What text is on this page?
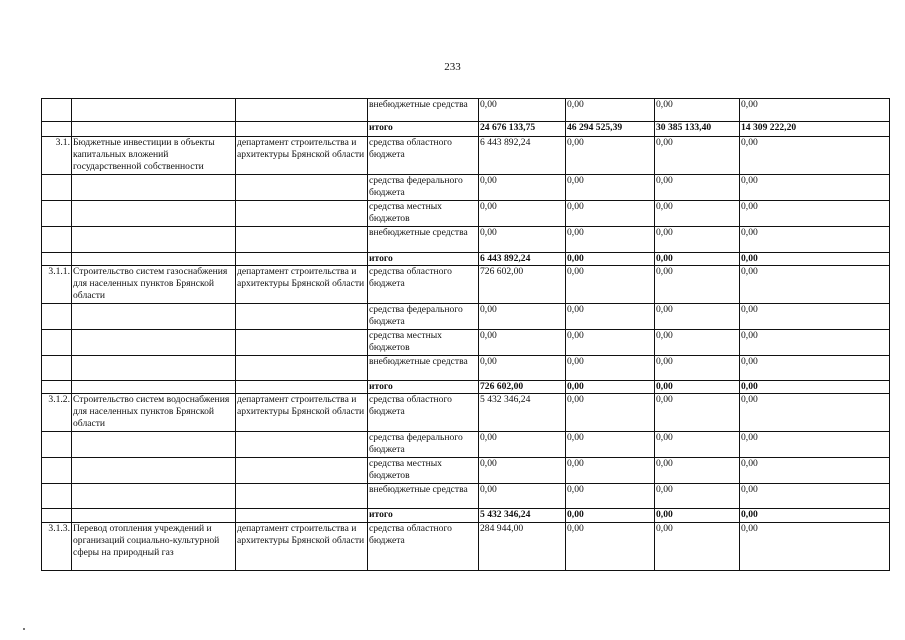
233
			внебюджетные средства	0,00	0,00	0,00	0,00
			итого	24 676 133,75	46 294 525,39	30 385 133,40	14 309 222,20
3.1.	Бюджетные инвестиции в объекты капитальных вложений государственной собственности	департамент строительства и архитектуры Брянской области	средства областного бюджета	6 443 892,24	0,00	0,00	0,00
			средства федерального бюджета	0,00	0,00	0,00	0,00
			средства местных бюджетов	0,00	0,00	0,00	0,00
			внебюджетные средства	0,00	0,00	0,00	0,00
			итого	6 443 892,24	0,00	0,00	0,00
3.1.1.	Строительство систем газоснабжения для населенных пунктов Брянской области	департамент строительства и архитектуры Брянской области	средства областного бюджета	726 602,00	0,00	0,00	0,00
			средства федерального бюджета	0,00	0,00	0,00	0,00
			средства местных бюджетов	0,00	0,00	0,00	0,00
			внебюджетные средства	0,00	0,00	0,00	0,00
			итого	726 602,00	0,00	0,00	0,00
3.1.2.	Строительство систем водоснабжения для населенных пунктов Брянской области	департамент строительства и архитектуры Брянской области	средства областного бюджета	5 432 346,24	0,00	0,00	0,00
			средства федерального бюджета	0,00	0,00	0,00	0,00
			средства местных бюджетов	0,00	0,00	0,00	0,00
			внебюджетные средства	0,00	0,00	0,00	0,00
			итого	5 432 346,24	0,00	0,00	0,00
3.1.3.	Перевод отопления учреждений и организаций социально-культурной сферы на природный газ	департамент строительства и архитектуры Брянской области	средства областного бюджета	284 944,00	0,00	0,00	0,00
